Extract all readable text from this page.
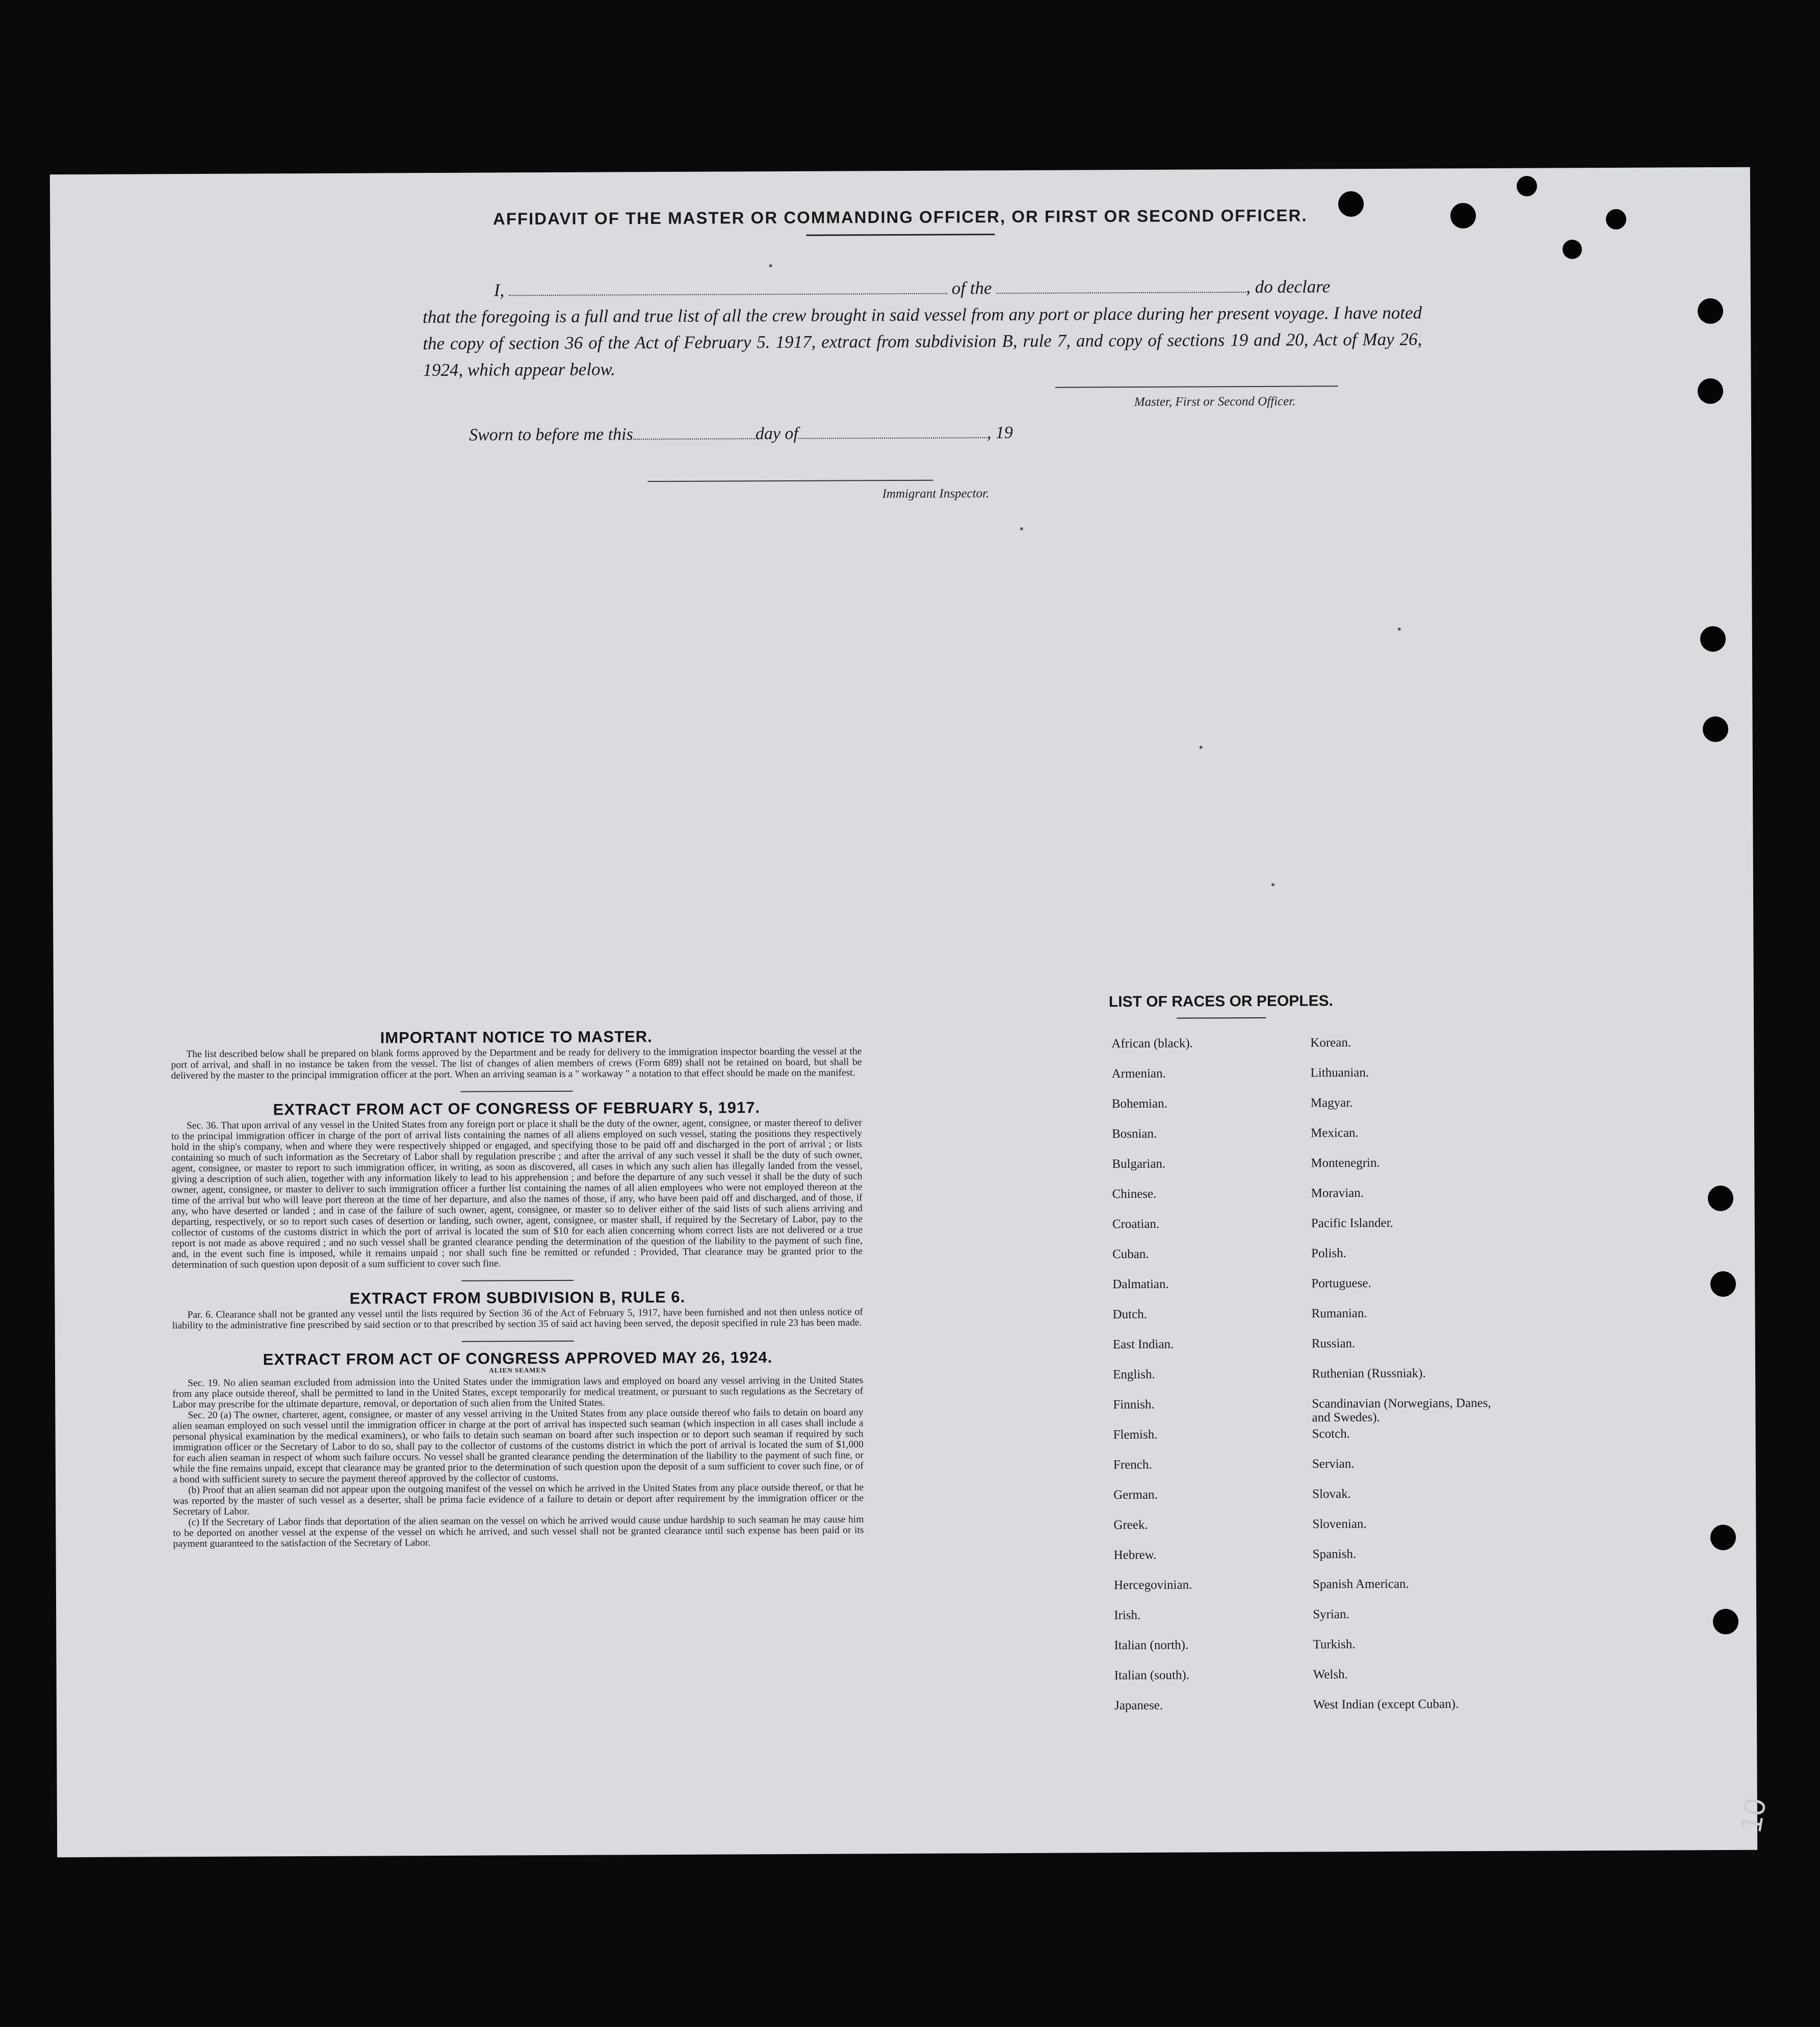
AFFIDAVIT OF THE MASTER OR COMMANDING OFFICER, OR FIRST OR SECOND OFFICER.
I,	of the	, do declare
that the foregoing is a full and true list of all the crew brought in said vessel from any port or place during her present voyage. I have noted the copy of section 36 of the Act of February 5. 1917, extract from subdivision B, rule 7, and copy of sections 19 and 20, Act of May 26, 1924, which appear below.
Master, First or Second Officer.
Sworn to before me this	day of	, 19
Immigrant Inspector.
IMPORTANT NOTICE TO MASTER.

The list described below shall be prepared on blank forms approved by the Department and be ready for delivery to the immigration inspector boarding the vessel at the port of arrival, and shall in no instance be taken from the vessel. The list of changes of alien members of crews (Form 689) shall not be retained on board, but shall be delivered by the master to the principal immigration officer at the port. When an arriving seaman is a " workaway " a notation to that effect should be made on the manifest.

EXTRACT FROM ACT OF CONGRESS OF FEBRUARY 5, 1917.

Sec. 36. That upon arrival of any vessel in the United States from any foreign port or place it shall be the duty of the owner, agent, consignee, or master thereof to deliver to the principal immigration officer in charge of the port of arrival lists containing the names of all aliens employed on such vessel, stating the positions they respectively hold in the ship's company, when and where they were respectively shipped or engaged, and specifying those to be paid off and discharged in the port of arrival ; or lists containing so much of such information as the Secretary of Labor shall by regulation prescribe ; and after the arrival of any such vessel it shall be the duty of such owner, agent, consignee, or master to report to such immigration officer, in writing, as soon as discovered, all cases in which any such alien has illegally landed from the vessel, giving a description of such alien, together with any information likely to lead to his apprehension ; and before the departure of any such vessel it shall be the duty of such owner, agent, consignee, or master to deliver to such immigration officer a further list containing the names of all alien employees who were not employed thereon at the time of the arrival but who will leave port thereon at the time of her departure, and also the names of those, if any, who have been paid off and discharged, and of those, if any, who have deserted or landed ; and in case of the failure of such owner, agent, consignee, or master so to deliver either of the said lists of such aliens arriving and departing, respectively, or so to report such cases of desertion or landing, such owner, agent, consignee, or master shall, if required by the Secretary of Labor, pay to the collector of customs of the customs district in which the port of arrival is located the sum of $10 for each alien concerning whom correct lists are not delivered or a true report is not made as above required ; and no such vessel shall be granted clearance pending the determination of the question of the liability to the payment of such fine, and, in the event such fine is imposed, while it remains unpaid ; nor shall such fine be remitted or refunded : Provided, That clearance may be granted prior to the determination of such question upon deposit of a sum sufficient to cover such fine.

EXTRACT FROM SUBDIVISION B, RULE 6.

Par. 6. Clearance shall not be granted any vessel until the lists required by Section 36 of the Act of February 5, 1917, have been furnished and not then unless notice of liability to the administrative fine prescribed by said section or to that prescribed by section 35 of said act having been served, the deposit specified in rule 23 has been made.

EXTRACT FROM ACT OF CONGRESS APPROVED MAY 26, 1924.

ALIEN SEAMEN

Sec. 19. No alien seaman excluded from admission into the United States under the immigration laws and employed on board any vessel arriving in the United States from any place outside thereof, shall be permitted to land in the United States, except temporarily for medical treatment, or pursuant to such regulations as the Secretary of Labor may prescribe for the ultimate departure, removal, or deportation of such alien from the United States.

Sec. 20 (a) The owner, charterer, agent, consignee, or master of any vessel arriving in the United States from any place outside thereof who fails to detain on board any alien seaman employed on such vessel until the immigration officer in charge at the port of arrival has inspected such seaman (which inspection in all cases shall include a personal physical examination by the medical examiners), or who fails to detain such seaman on board after such inspection or to deport such seaman if required by such immigration officer or the Secretary of Labor to do so, shall pay to the collector of customs of the customs district in which the port of arrival is located the sum of $1,000 for each alien seaman in respect of whom such failure occurs. No vessel shall be granted clearance pending the determination of the liability to the payment of such fine, or while the fine remains unpaid, except that clearance may be granted prior to the determination of such question upon the deposit of a sum sufficient to cover such fine, or of a bond with sufficient surety to secure the payment thereof approved by the collector of customs.

(b) Proof that an alien seaman did not appear upon the outgoing manifest of the vessel on which he arrived in the United States from any place outside thereof, or that he was reported by the master of such vessel as a deserter, shall be prima facie evidence of a failure to detain or deport after requirement by the immigration officer or the Secretary of Labor.

(c) If the Secretary of Labor finds that deportation of the alien seaman on the vessel on which he arrived would cause undue hardship to such seaman he may cause him to be deported on another vessel at the expense of the vessel on which he arrived, and such vessel shall not be granted clearance until such expense has been paid or its payment guaranteed to the satisfaction of the Secretary of Labor.

LIST OF RACES OR PEOPLES.
African (black).	Korean.
Armenian.	Lithuanian.
Bohemian.	Magyar.
Bosnian.	Mexican.
Bulgarian.	Montenegrin.
Chinese.	Moravian.
Croatian.	Pacific Islander.
Cuban.	Polish.
Dalmatian.	Portuguese.
Dutch.	Rumanian.
East Indian.	Russian.
English.	Ruthenian (Russniak).
Finnish.	Scandinavian (Norwegians, Danes, and Swedes).
Flemish.	Scotch.
French.	Servian.
German.	Slovak.
Greek.	Slovenian.
Hebrew.	Spanish.
Hercegovinian.	Spanish American.
Irish.	Syrian.
Italian (north).	Turkish.
Italian (south).	Welsh.
Japanese.	West Indian (except Cuban).
10
